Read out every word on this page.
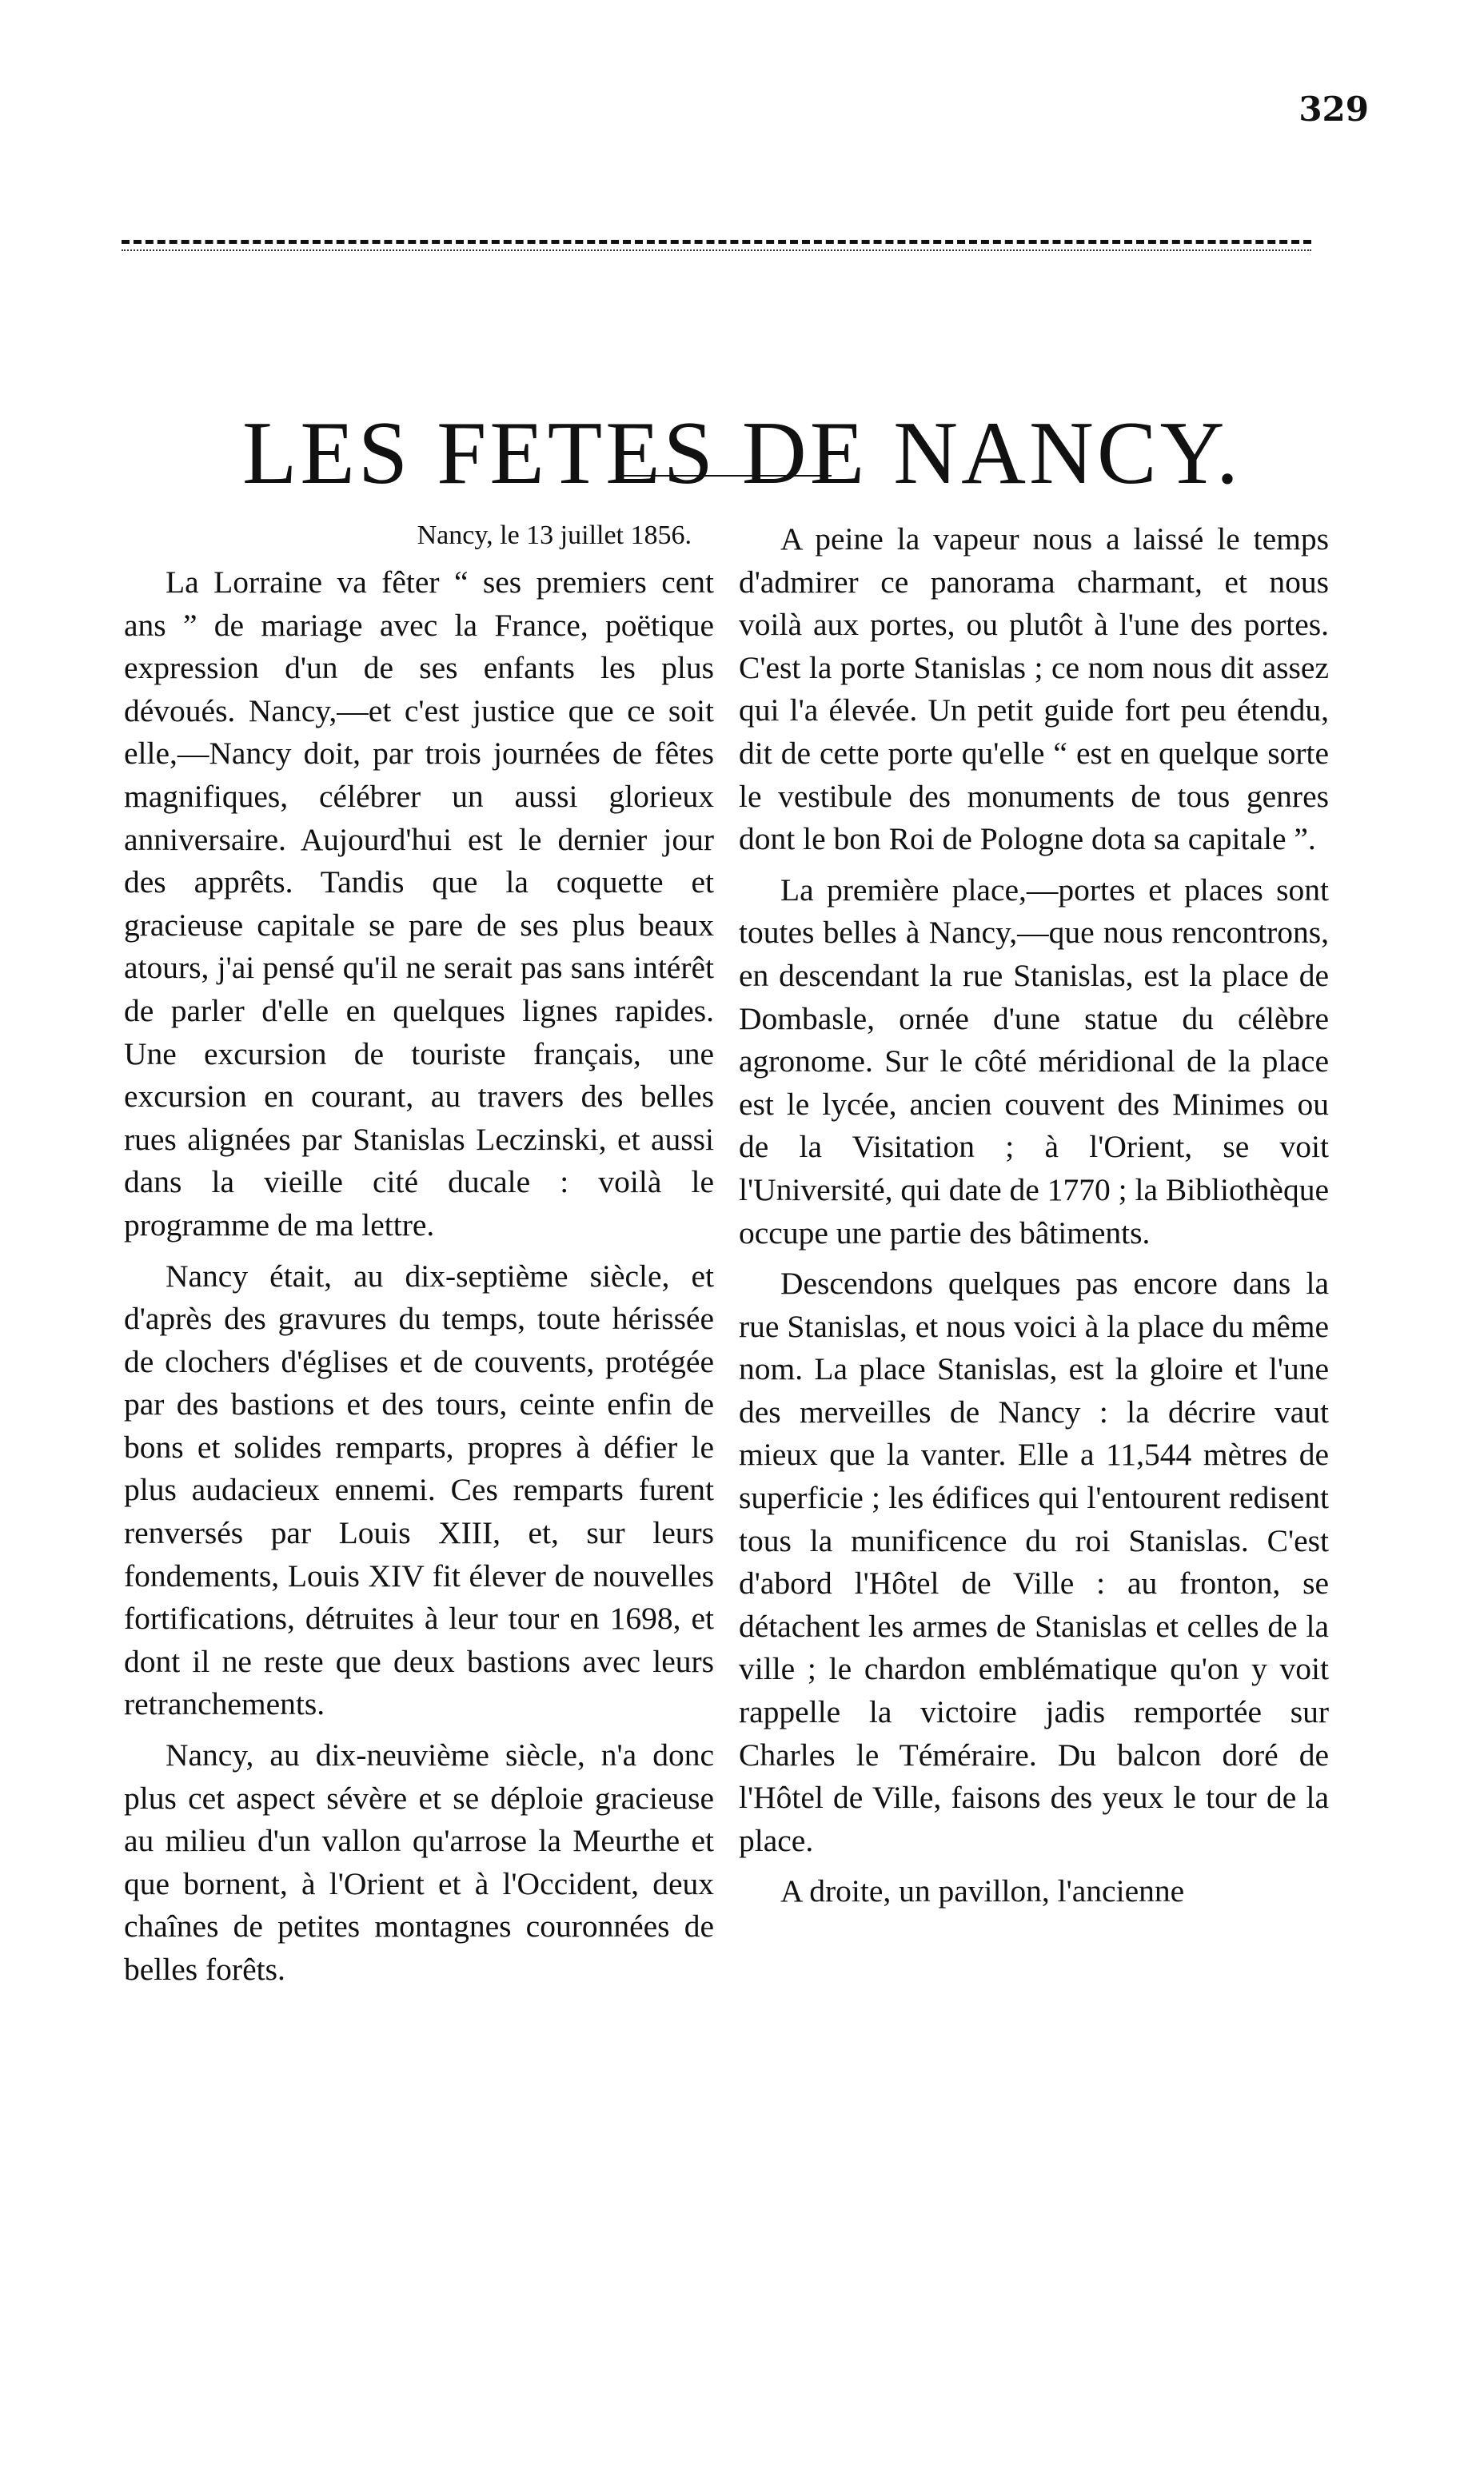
329
LES FETES DE NANCY.
Nancy, le 13 juillet 1856.

La Lorraine va fêter “ ses premiers cent ans ” de mariage avec la France, poëtique expression d'un de ses enfants les plus dévoués. Nancy,—et c'est justice que ce soit elle,—Nancy doit, par trois journées de fêtes magnifiques, célébrer un aussi glorieux anniversaire. Aujourd'hui est le dernier jour des apprêts. Tandis que la coquette et gracieuse capitale se pare de ses plus beaux atours, j'ai pensé qu'il ne serait pas sans intérêt de parler d'elle en quelques lignes rapides. Une excursion de touriste français, une excursion en courant, au travers des belles rues alignées par Stanislas Leczinski, et aussi dans la vieille cité ducale : voilà le programme de ma lettre.

Nancy était, au dix-septième siècle, et d'après des gravures du temps, toute hérissée de clochers d'églises et de couvents, protégée par des bastions et des tours, ceinte enfin de bons et solides remparts, propres à défier le plus audacieux ennemi. Ces remparts furent renversés par Louis XIII, et, sur leurs fondements, Louis XIV fit élever de nouvelles fortifications, détruites à leur tour en 1698, et dont il ne reste que deux bastions avec leurs retranchements.

Nancy, au dix-neuvième siècle, n'a donc plus cet aspect sévère et se déploie gracieuse au milieu d'un vallon qu'arrose la Meurthe et que bornent, à l'Orient et à l'Occident, deux chaînes de petites montagnes couronnées de belles forêts.

A peine la vapeur nous a laissé le temps d'admirer ce panorama charmant, et nous voilà aux portes, ou plutôt à l'une des portes. C'est la porte Stanislas ; ce nom nous dit assez qui l'a élevée. Un petit guide fort peu étendu, dit de cette porte qu'elle “ est en quelque sorte le vestibule des monuments de tous genres dont le bon Roi de Pologne dota sa capitale ”.

La première place,—portes et places sont toutes belles à Nancy,—que nous rencontrons, en descendant la rue Stanislas, est la place de Dombasle, ornée d'une statue du célèbre agronome. Sur le côté méridional de la place est le lycée, ancien couvent des Minimes ou de la Visitation ; à l'Orient, se voit l'Université, qui date de 1770 ; la Bibliothèque occupe une partie des bâtiments.

Descendons quelques pas encore dans la rue Stanislas, et nous voici à la place du même nom. La place Stanislas, est la gloire et l'une des merveilles de Nancy : la décrire vaut mieux que la vanter. Elle a 11,544 mètres de superficie ; les édifices qui l'entourent redisent tous la munificence du roi Stanislas. C'est d'abord l'Hôtel de Ville : au fronton, se détachent les armes de Stanislas et celles de la ville ; le chardon emblématique qu'on y voit rappelle la victoire jadis remportée sur Charles le Téméraire. Du balcon doré de l'Hôtel de Ville, faisons des yeux le tour de la place.

A droite, un pavillon, l'ancienne
